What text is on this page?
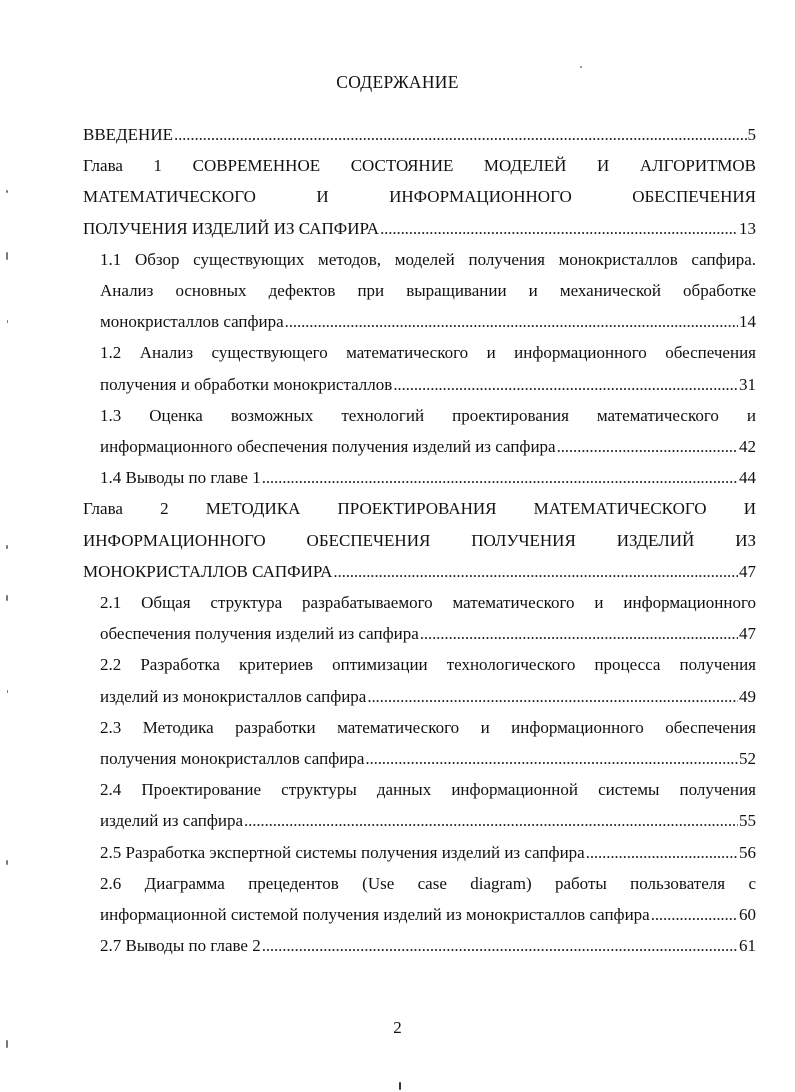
СОДЕРЖАНИЕ
ВВЕДЕНИЕ . . .	5
Глава 1 СОВРЕМЕННОЕ СОСТОЯНИЕ МОДЕЛЕЙ И АЛГОРИТМОВ
МАТЕМАТИЧЕСКОГО И ИНФОРМАЦИОННОГО ОБЕСПЕЧЕНИЯ
ПОЛУЧЕНИЯ ИЗДЕЛИЙ ИЗ САПФИРА . . .	13
1.1 Обзор существующих методов, моделей получения монокристаллов сапфира.
Анализ основных дефектов при выращивании и механической обработке
монокристаллов сапфира . . .	14
1.2 Анализ существующего математического и информационного обеспечения
получения и обработки монокристаллов . . .	31
1.3 Оценка возможных технологий проектирования математического и
информационного обеспечения получения изделий из сапфира . . .	42
1.4 Выводы по главе 1 . . .	44
Глава 2 МЕТОДИКА ПРОЕКТИРОВАНИЯ МАТЕМАТИЧЕСКОГО И
ИНФОРМАЦИОННОГО ОБЕСПЕЧЕНИЯ ПОЛУЧЕНИЯ ИЗДЕЛИЙ ИЗ
МОНОКРИСТАЛЛОВ САПФИРА . . .	47
2.1 Общая структура разрабатываемого математического и информационного
обеспечения получения изделий из сапфира . . .	47
2.2 Разработка критериев оптимизации технологического процесса получения
изделий из монокристаллов сапфира . . .	49
2.3 Методика разработки математического и информационного обеспечения
получения монокристаллов сапфира . . .	52
2.4 Проектирование структуры данных информационной системы получения
изделий из сапфира . . .	55
2.5 Разработка экспертной системы получения изделий из сапфира . . .	56
2.6 Диаграмма прецедентов (Use case diagram) работы пользователя с
информационной системой получения изделий из монокристаллов сапфира . . .	60
2.7 Выводы по главе 2 . . .	61
2
